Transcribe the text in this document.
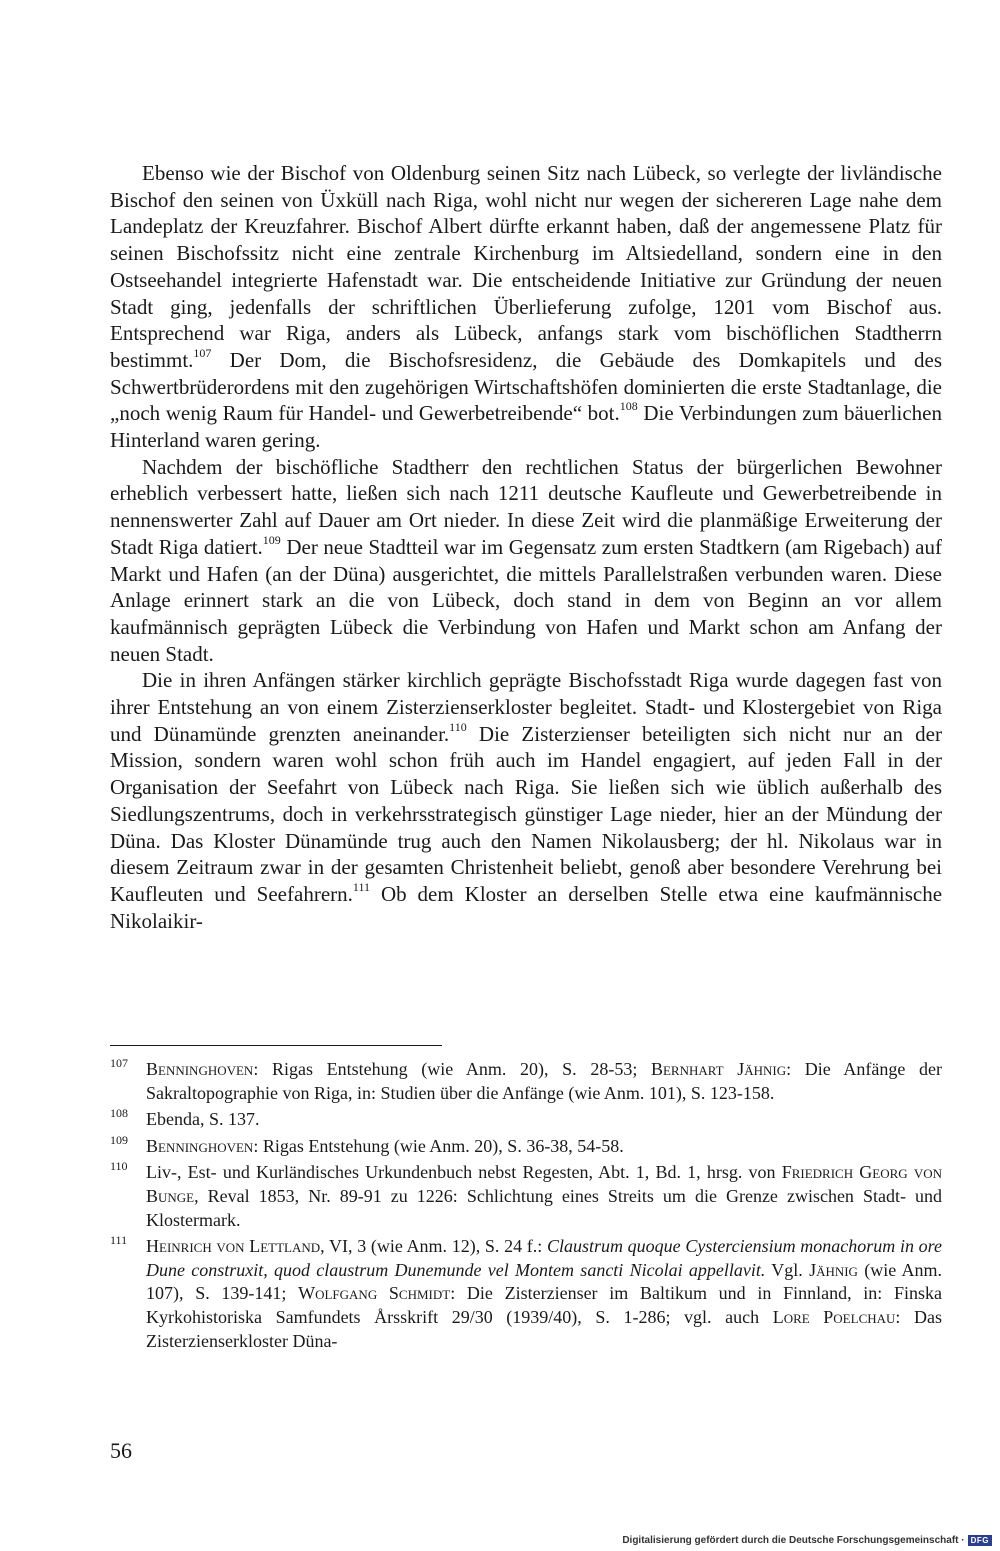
Ebenso wie der Bischof von Oldenburg seinen Sitz nach Lübeck, so verlegte der livländische Bischof den seinen von Üxküll nach Riga, wohl nicht nur wegen der sichereren Lage nahe dem Landeplatz der Kreuzfahrer. Bischof Albert dürfte erkannt haben, daß der angemessene Platz für seinen Bischofssitz nicht eine zentrale Kirchenburg im Altsiedelland, sondern eine in den Ostseehandel integrierte Hafenstadt war. Die entscheidende Initiative zur Gründung der neuen Stadt ging, jedenfalls der schriftlichen Überlieferung zufolge, 1201 vom Bischof aus. Entsprechend war Riga, anders als Lübeck, anfangs stark vom bischöflichen Stadtherrn bestimmt.$^{107}$ Der Dom, die Bischofsresidenz, die Gebäude des Domkapitels und des Schwertbrüderordens mit den zugehörigen Wirtschaftshöfen dominierten die erste Stadtanlage, die „noch wenig Raum für Handel- und Gewerbetreibende“ bot.$^{108}$ Die Verbindungen zum bäuerlichen Hinterland waren gering.

Nachdem der bischöfliche Stadtherr den rechtlichen Status der bürgerlichen Bewohner erheblich verbessert hatte, ließen sich nach 1211 deutsche Kaufleute und Gewerbetreibende in nennenswerter Zahl auf Dauer am Ort nieder. In diese Zeit wird die planmäßige Erweiterung der Stadt Riga datiert.$^{109}$ Der neue Stadtteil war im Gegensatz zum ersten Stadtkern (am Rigebach) auf Markt und Hafen (an der Düna) ausgerichtet, die mittels Parallelstraßen verbunden waren. Diese Anlage erinnert stark an die von Lübeck, doch stand in dem von Beginn an vor allem kaufmännisch geprägten Lübeck die Verbindung von Hafen und Markt schon am Anfang der neuen Stadt.

Die in ihren Anfängen stärker kirchlich geprägte Bischofsstadt Riga wurde dagegen fast von ihrer Entstehung an von einem Zisterzienserkloster begleitet. Stadt- und Klostergebiet von Riga und Dünamünde grenzten aneinander.$^{110}$ Die Zisterzienser beteiligten sich nicht nur an der Mission, sondern waren wohl schon früh auch im Handel engagiert, auf jeden Fall in der Organisation der Seefahrt von Lübeck nach Riga. Sie ließen sich wie üblich außerhalb des Siedlungszentrums, doch in verkehrsstrategisch günstiger Lage nieder, hier an der Mündung der Düna. Das Kloster Dünamünde trug auch den Namen Nikolausberg; der hl. Nikolaus war in diesem Zeitraum zwar in der gesamten Christenheit beliebt, genoß aber besondere Verehrung bei Kaufleuten und Seefahrern.$^{111}$ Ob dem Kloster an derselben Stelle etwa eine kaufmännische Nikolaikir-

107 Benninghoven: Rigas Entstehung (wie Anm. 20), S. 28-53; Bernhart Jähnig: Die Anfänge der Sakraltopographie von Riga, in: Studien über die Anfänge (wie Anm. 101), S. 123-158.
108 Ebenda, S. 137.
109 Benninghoven: Rigas Entstehung (wie Anm. 20), S. 36-38, 54-58.
110 Liv-, Est- und Kurländisches Urkundenbuch nebst Regesten, Abt. 1, Bd. 1, hrsg. von Friedrich Georg von Bunge, Reval 1853, Nr. 89-91 zu 1226: Schlichtung eines Streits um die Grenze zwischen Stadt- und Klostermark.
111 Heinrich von Lettland, VI, 3 (wie Anm. 12), S. 24 f.: Claustrum quoque Cysterciensium monachorum in ore Dune construxit, quod claustrum Dunemunde vel Montem sancti Nicolai appellavit. Vgl. Jähnig (wie Anm. 107), S. 139-141; Wolfgang Schmidt: Die Zisterzienser im Baltikum und in Finnland, in: Finska Kyrkohistoriska Samfundets Årsskrift 29/30 (1939/40), S. 1-286; vgl. auch Lore Poelchau: Das Zisterzienserkloster Düna-
56
Digitalisierung gefördert durch die Deutsche Forschungsgemeinschaft · DFG
